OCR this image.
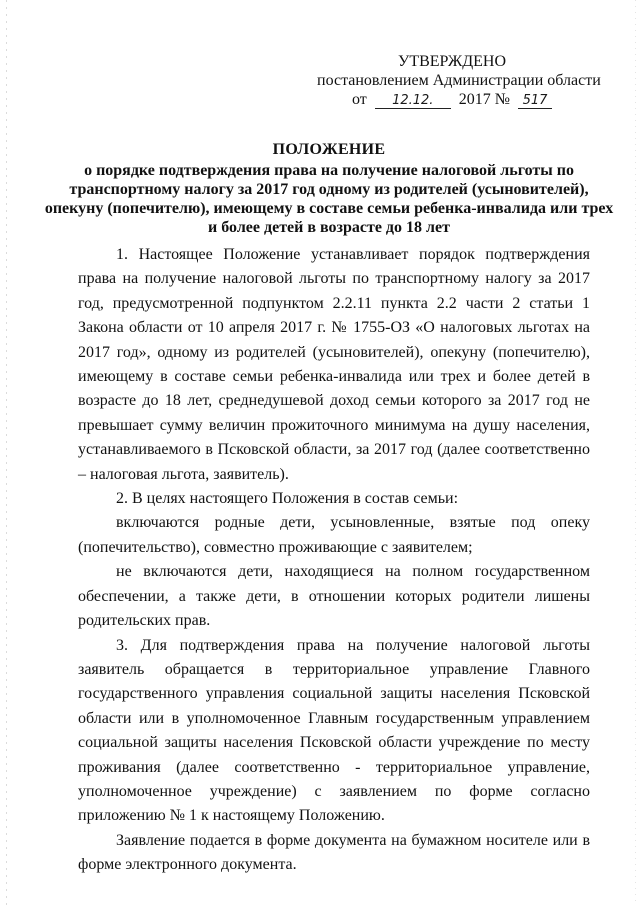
УТВЕРЖДЕНО
постановлением Администрации области
от 12.12. 2017 № 517
ПОЛОЖЕНИЕ
о порядке подтверждения права на получение налоговой льготы по транспортному налогу за 2017 год одному из родителей (усыновителей), опекуну (попечителю), имеющему в составе семьи ребенка-инвалида или трех и более детей в возрасте до 18 лет

1. Настоящее Положение устанавливает порядок подтверждения права на получение налоговой льготы по транспортному налогу за 2017 год, предусмотренной подпунктом 2.2.11 пункта 2.2 части 2 статьи 1 Закона области от 10 апреля 2017 г. № 1755-ОЗ «О налоговых льготах на 2017 год», одному из родителей (усыновителей), опекуну (попечителю), имеющему в составе семьи ребенка-инвалида или трех и более детей в возрасте до 18 лет, среднедушевой доход семьи которого за 2017 год не превышает сумму величин прожиточного минимума на душу населения, устанавливаемого в Псковской области, за 2017 год (далее соответственно – налоговая льгота, заявитель).

2. В целях настоящего Положения в состав семьи:

включаются родные дети, усыновленные, взятые под опеку (попечительство), совместно проживающие с заявителем;

не включаются дети, находящиеся на полном государственном обеспечении, а также дети, в отношении которых родители лишены родительских прав.

3. Для подтверждения права на получение налоговой льготы заявитель обращается в территориальное управление Главного государственного управления социальной защиты населения Псковской области или в уполномоченное Главным государственным управлением социальной защиты населения Псковской области учреждение по месту проживания (далее соответственно - территориальное управление, уполномоченное учреждение) с заявлением по форме согласно приложению № 1 к настоящему Положению.

Заявление подается в форме документа на бумажном носителе или в форме электронного документа.
